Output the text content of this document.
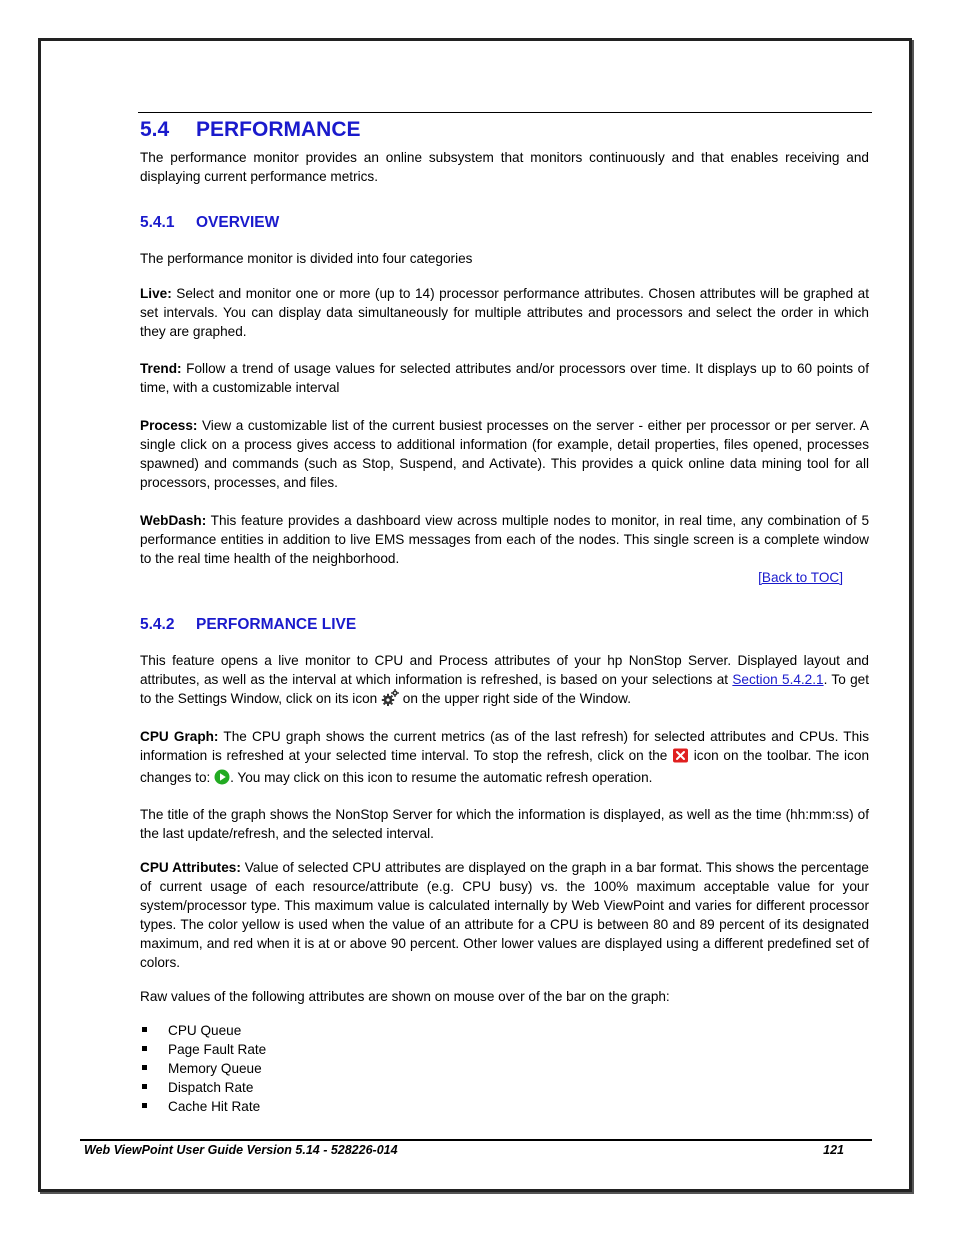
5.4 PERFORMANCE

The performance monitor provides an online subsystem that monitors continuously and that enables receiving and displaying current performance metrics.

5.4.1 OVERVIEW

The performance monitor is divided into four categories

Live: Select and monitor one or more (up to 14) processor performance attributes. Chosen attributes will be graphed at set intervals. You can display data simultaneously for multiple attributes and processors and select the order in which they are graphed.

Trend: Follow a trend of usage values for selected attributes and/or processors over time. It displays up to 60 points of time, with a customizable interval

Process: View a customizable list of the current busiest processes on the server - either per processor or per server. A single click on a process gives access to additional information (for example, detail properties, files opened, processes spawned) and commands (such as Stop, Suspend, and Activate). This provides a quick online data mining tool for all processors, processes, and files.

WebDash: This feature provides a dashboard view across multiple nodes to monitor, in real time, any combination of 5 performance entities in addition to live EMS messages from each of the nodes. This single screen is a complete window to the real time health of the neighborhood.

[Back to TOC]

5.4.2 PERFORMANCE LIVE

This feature opens a live monitor to CPU and Process attributes of your hp NonStop Server. Displayed layout and attributes, as well as the interval at which information is refreshed, is based on your selections at Section 5.4.2.1. To get to the Settings Window, click on its icon  on the upper right side of the Window.

CPU Graph: The CPU graph shows the current metrics (as of the last refresh) for selected attributes and CPUs. This information is refreshed at your selected time interval. To stop the refresh, click on the  icon on the toolbar. The icon changes to: . You may click on this icon to resume the automatic refresh operation.

The title of the graph shows the NonStop Server for which the information is displayed, as well as the time (hh:mm:ss) of the last update/refresh, and the selected interval.

CPU Attributes: Value of selected CPU attributes are displayed on the graph in a bar format. This shows the percentage of current usage of each resource/attribute (e.g. CPU busy) vs. the 100% maximum acceptable value for your system/processor type. This maximum value is calculated internally by Web ViewPoint and varies for different processor types. The color yellow is used when the value of an attribute for a CPU is between 80 and 89 percent of its designated maximum, and red when it is at or above 90 percent. Other lower values are displayed using a different predefined set of colors.

Raw values of the following attributes are shown on mouse over of the bar on the graph:

CPU Queue
Page Fault Rate
Memory Queue
Dispatch Rate
Cache Hit Rate
Web ViewPoint User Guide Version 5.14 - 528226-014	121
